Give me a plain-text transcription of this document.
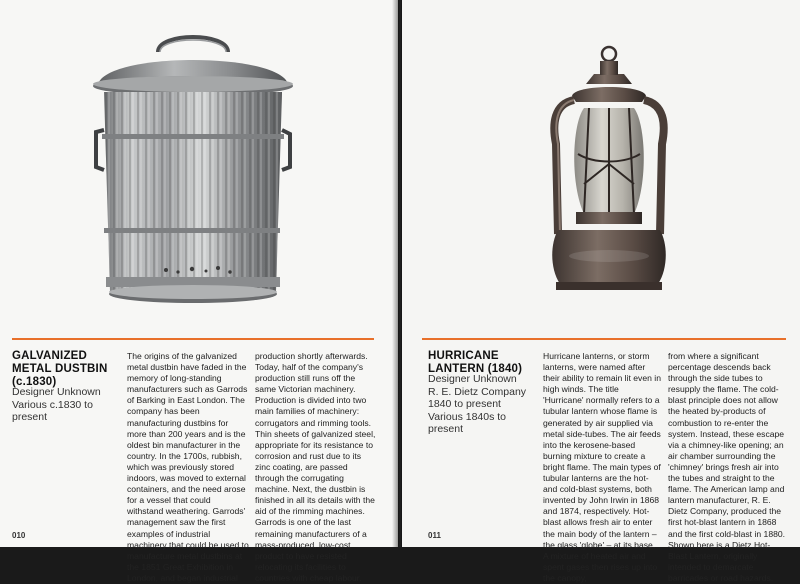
GALVANIZED METAL DUSTBIN (c.1830)
Designer Unknown
Various c.1830 to present
The origins of the galvanized metal dustbin have faded in the memory of long-standing manufacturers such as Garrods of Barking in East London. The company has been manufacturing dustbins for more than 200 years and is the oldest bin manufacturer in the country. In the 1700s, rubbish, which was previously stored indoors, was moved to external containers, and the need arose for a vessel that could withstand weathering. Garrods' management saw the first examples of industrial machinery that could be used to manufacture metal dustbins at the 1851 Great Exhibition in London, and began industrial
production shortly afterwards. Today, half of the company's production still runs off the same Victorian machinery. Production is divided into two main families of machinery: corrugators and rimming tools. Thin sheets of galvanized steel, appropriate for its resistance to corrosion and rust due to its zinc coating, are passed through the corrugating machine. Next, the dustbin is finished in all its details with the aid of the rimming machines. Garrods is one of the last remaining manufacturers of a mass-produced, low-cost product to have resisted relocating its facilities to countries with cheap labour.
010
HURRICANE LANTERN (1840)
Designer Unknown
R. E. Dietz Company
1840 to present
Various 1840s to present
Hurricane lanterns, or storm lanterns, were named after their ability to remain lit even in high winds. The title 'Hurricane' normally refers to a tubular lantern whose flame is generated by air supplied via metal side-tubes. The air feeds into the kerosene-based burning mixture to create a bright flame. The main types of tubular lanterns are the hot- and cold-blast systems, both invented by John Irwin in 1868 and 1874, respectively. Hot-blast allows fresh air to enter the main body of the lantern – the glass 'globe' – at its base. A mixture of heated air and spent gases then rises up into the canopy,
from where a significant percentage descends back through the side tubes to resupply the flame. The cold-blast principle does not allow the heated by-products of combustion to re-enter the system. Instead, these escape via a chimney-like opening; an air chamber surrounding the 'chimney' brings fresh air into the tubes and straight to the flame. The American lamp and lantern manufacturer, R. E. Dietz Company, produced the first hot-blast lantern in 1868 and the first cold-blast in 1880. Shown here is a Dietz Hot-Blast Lantern, originally intended to demarcate barricades or road hazards.
011
